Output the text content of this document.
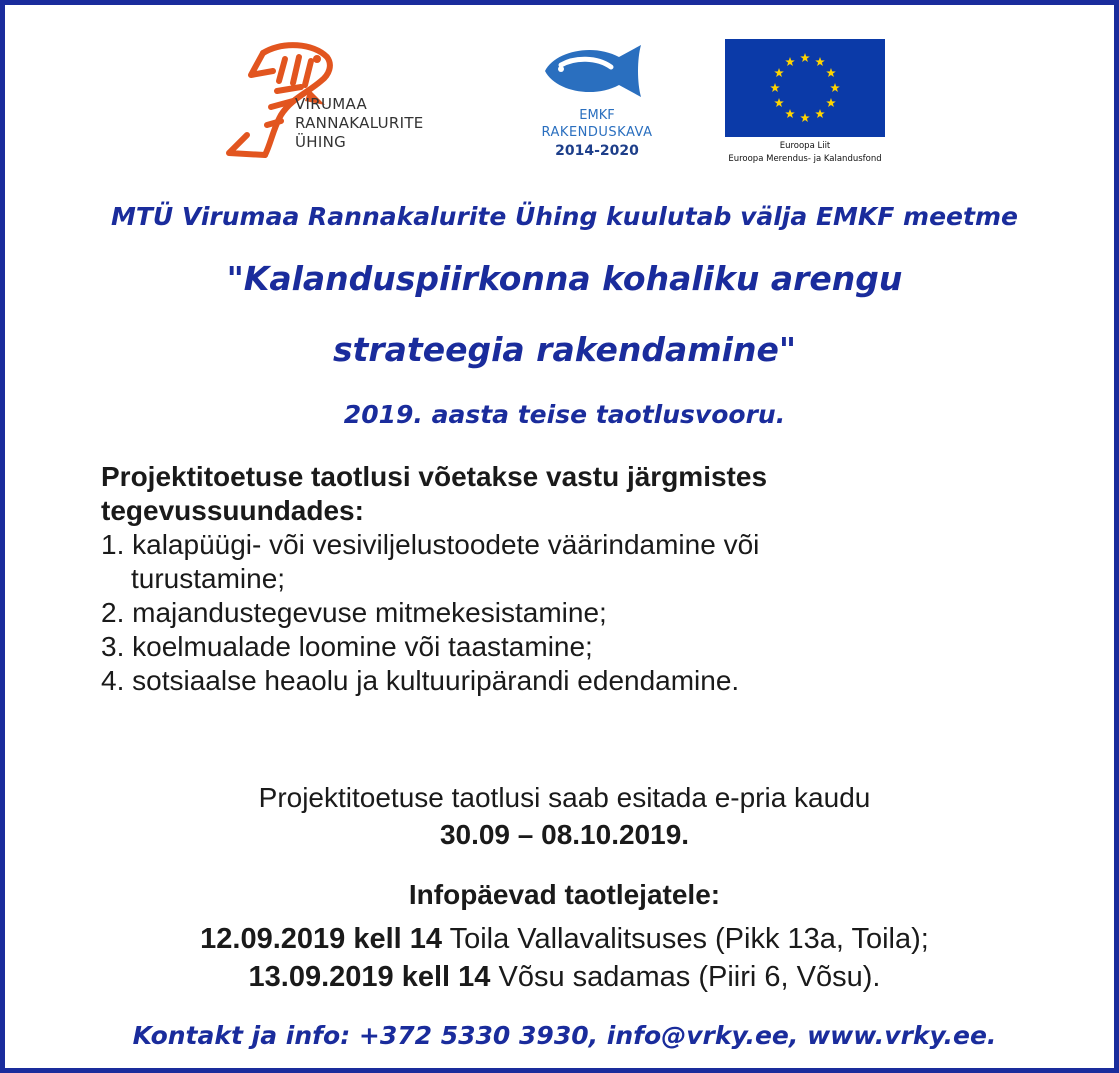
VIRUMAA
RANNAKALURITE
ÜHING
EMKF
RAKENDUSKAVA
2014-2020	Euroopa Liit
Euroopa Merendus- ja Kalandusfond
MTÜ Virumaa Rannakalurite Ühing kuulutab välja EMKF meetme
"Kalanduspiirkonna kohaliku arengu
strateegia rakendamine"
2019. aasta teise taotlusvooru.
Projektitoetuse taotlusi võetakse vastu järgmistes
tegevussuundades:
1. kalapüügi- või vesiviljelustoodete väärindamine või
turustamine;
2. majandustegevuse mitmekesistamine;
3. koelmualade loomine või taastamine;
4. sotsiaalse heaolu ja kultuuripärandi edendamine.
Projektitoetuse taotlusi saab esitada e-pria kaudu
30.09 – 08.10.2019.
Infopäevad taotlejatele:
12.09.2019 kell 14 Toila Vallavalitsuses (Pikk 13a, Toila);
13.09.2019 kell 14 Võsu sadamas (Piiri 6, Võsu).
Kontakt ja info: +372 5330 3930, info@vrky.ee, www.vrky.ee.
